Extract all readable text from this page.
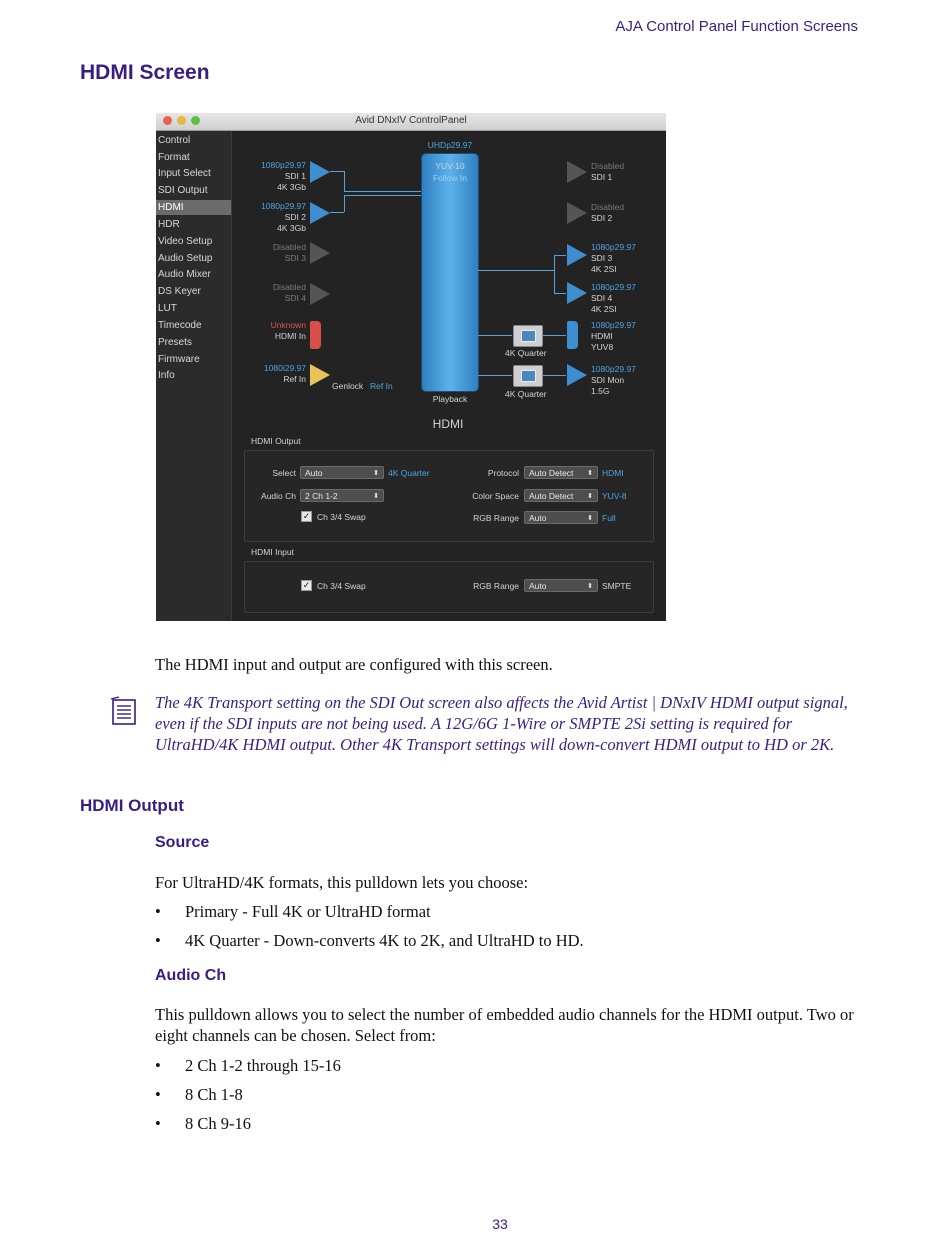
AJA Control Panel Function Screens
HDMI Screen
Avid DNxIV ControlPanel
Control
Format
Input Select
SDI Output
HDMI
HDR
Video Setup
Audio Setup
Audio Mixer
DS Keyer
LUT
Timecode
Presets
Firmware
Info
1080p29.97
SDI 1
4K 3Gb
1080p29.97
SDI 2
4K 3Gb
Disabled
SDI 3
Disabled
SDI 4
Unknown
HDMI In
1080i29.97
Ref In
Genlock Ref In
UHDp29.97
YUV-10
Follow In
Playback
4K Quarter
4K Quarter
Disabled
SDI 1
Disabled
SDI 2
1080p29.97
SDI 3
4K 2SI
1080p29.97
SDI 4
4K 2SI
1080p29.97
HDMI
YUV8
1080p29.97
SDI Mon
1.5G
HDMI
HDMI Output
Select	Auto	⬍ 4K Quarter
Audio Ch	2 Ch 1-2	⬍
✓ Ch 3/4 Swap
Protocol	Auto Detect ⬍ HDMI
Color Space	Auto Detect ⬍ YUV-8
RGB Range	Auto	⬍ Full
HDMI Input
✓ Ch 3/4 Swap	RGB Range	Auto	⬍ SMPTE
The HDMI input and output are configured with this screen.
The 4K Transport setting on the SDI Out screen also affects the Avid Artist | DNxIV HDMI output signal, even if the SDI inputs are not being used. A 12G/6G 1-Wire or SMPTE 2Si setting is required for UltraHD/4K HDMI output. Other 4K Transport settings will down-convert HDMI output to HD or 2K.
HDMI Output
Source
For UltraHD/4K formats, this pulldown lets you choose:
• Primary - Full 4K or UltraHD format
• 4K Quarter - Down-converts 4K to 2K, and UltraHD to HD.
Audio Ch
This pulldown allows you to select the number of embedded audio channels for the HDMI output. Two or eight channels can be chosen. Select from:
• 2 Ch 1-2 through 15-16
• 8 Ch 1-8
• 8 Ch 9-16
33
